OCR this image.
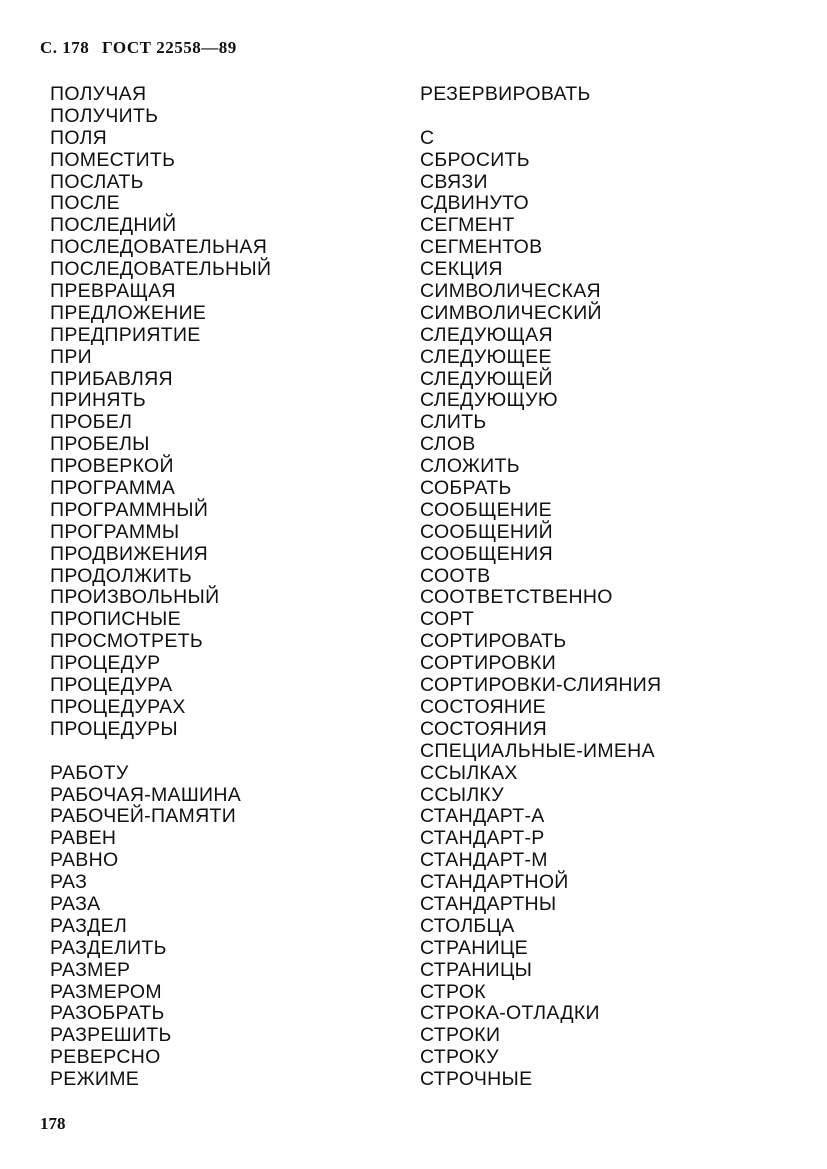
С. 178 ГОСТ 22558—89
ПОЛУЧАЯ
ПОЛУЧИТЬ
ПОЛЯ
ПОМЕСТИТЬ
ПОСЛАТЬ
ПОСЛЕ
ПОСЛЕДНИЙ
ПОСЛЕДОВАТЕЛЬНАЯ
ПОСЛЕДОВАТЕЛЬНЫЙ
ПРЕВРАЩАЯ
ПРЕДЛОЖЕНИЕ
ПРЕДПРИЯТИЕ
ПРИ
ПРИБАВЛЯЯ
ПРИНЯТЬ
ПРОБЕЛ
ПРОБЕЛЫ
ПРОВЕРКОЙ
ПРОГРАММА
ПРОГРАММНЫЙ
ПРОГРАММЫ
ПРОДВИЖЕНИЯ
ПРОДОЛЖИТЬ
ПРОИЗВОЛЬНЫЙ
ПРОПИСНЫЕ
ПРОСМОТРЕТЬ
ПРОЦЕДУР
ПРОЦЕДУРА
ПРОЦЕДУРАХ
ПРОЦЕДУРЫ
РАБОТУ
РАБОЧАЯ-МАШИНА
РАБОЧЕЙ-ПАМЯТИ
РАВЕН
РАВНО
РАЗ
РАЗА
РАЗДЕЛ
РАЗДЕЛИТЬ
РАЗМЕР
РАЗМЕРОМ
РАЗОБРАТЬ
РАЗРЕШИТЬ
РЕВЕРСНО
РЕЖИМЕ
РЕЗЕРВИРОВАТЬ
С
СБРОСИТЬ
СВЯЗИ
СДВИНУТО
СЕГМЕНТ
СЕГМЕНТОВ
СЕКЦИЯ
СИМВОЛИЧЕСКАЯ
СИМВОЛИЧЕСКИЙ
СЛЕДУЮЩАЯ
СЛЕДУЮЩЕЕ
СЛЕДУЮЩЕЙ
СЛЕДУЮЩУЮ
СЛИТЬ
СЛОВ
СЛОЖИТЬ
СОБРАТЬ
СООБЩЕНИЕ
СООБЩЕНИЙ
СООБЩЕНИЯ
СООТВ
СООТВЕТСТВЕННО
СОРТ
СОРТИРОВАТЬ
СОРТИРОВКИ
СОРТИРОВКИ-СЛИЯНИЯ
СОСТОЯНИЕ
СОСТОЯНИЯ
СПЕЦИАЛЬНЫЕ-ИМЕНА
ССЫЛКАХ
ССЫЛКУ
СТАНДАРТ-А
СТАНДАРТ-Р
СТАНДАРТ-М
СТАНДАРТНОЙ
СТАНДАРТНЫ
СТОЛБЦА
СТРАНИЦЕ
СТРАНИЦЫ
СТРОК
СТРОКА-ОТЛАДКИ
СТРОКИ
СТРОКУ
СТРОЧНЫЕ
178
